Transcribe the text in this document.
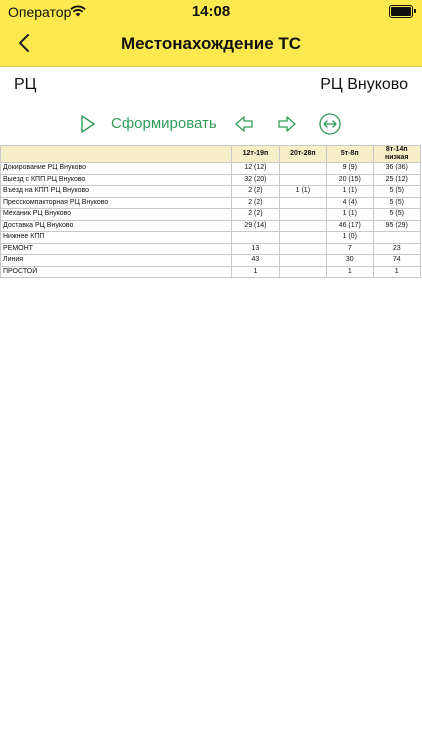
Оператор	14:08
Местонахождение ТС
РЦ	РЦ Внуково
Сформировать
	12т-19п	20т-28п	5т-8п	8т-14п
низкая
Докирование РЦ Внуково	12 (12)		9 (9)	36 (36)
Выезд с КПП РЦ Внуково	32 (20)		20 (15)	25 (12)
Въезд на КПП РЦ Внуково	2 (2)	1 (1)	1 (1)	5 (5)
Пресскомпакторная РЦ Внуково	2 (2)		4 (4)	5 (5)
Механик РЦ Внуково	2 (2)		1 (1)	5 (5)
Доставка РЦ Внуково	29 (14)		46 (17)	95 (29)
Нижнее КПП			1 (0)	
РЕМОНТ	13		7	23
Линия	43		30	74
ПРОСТОЙ	1		1	1
